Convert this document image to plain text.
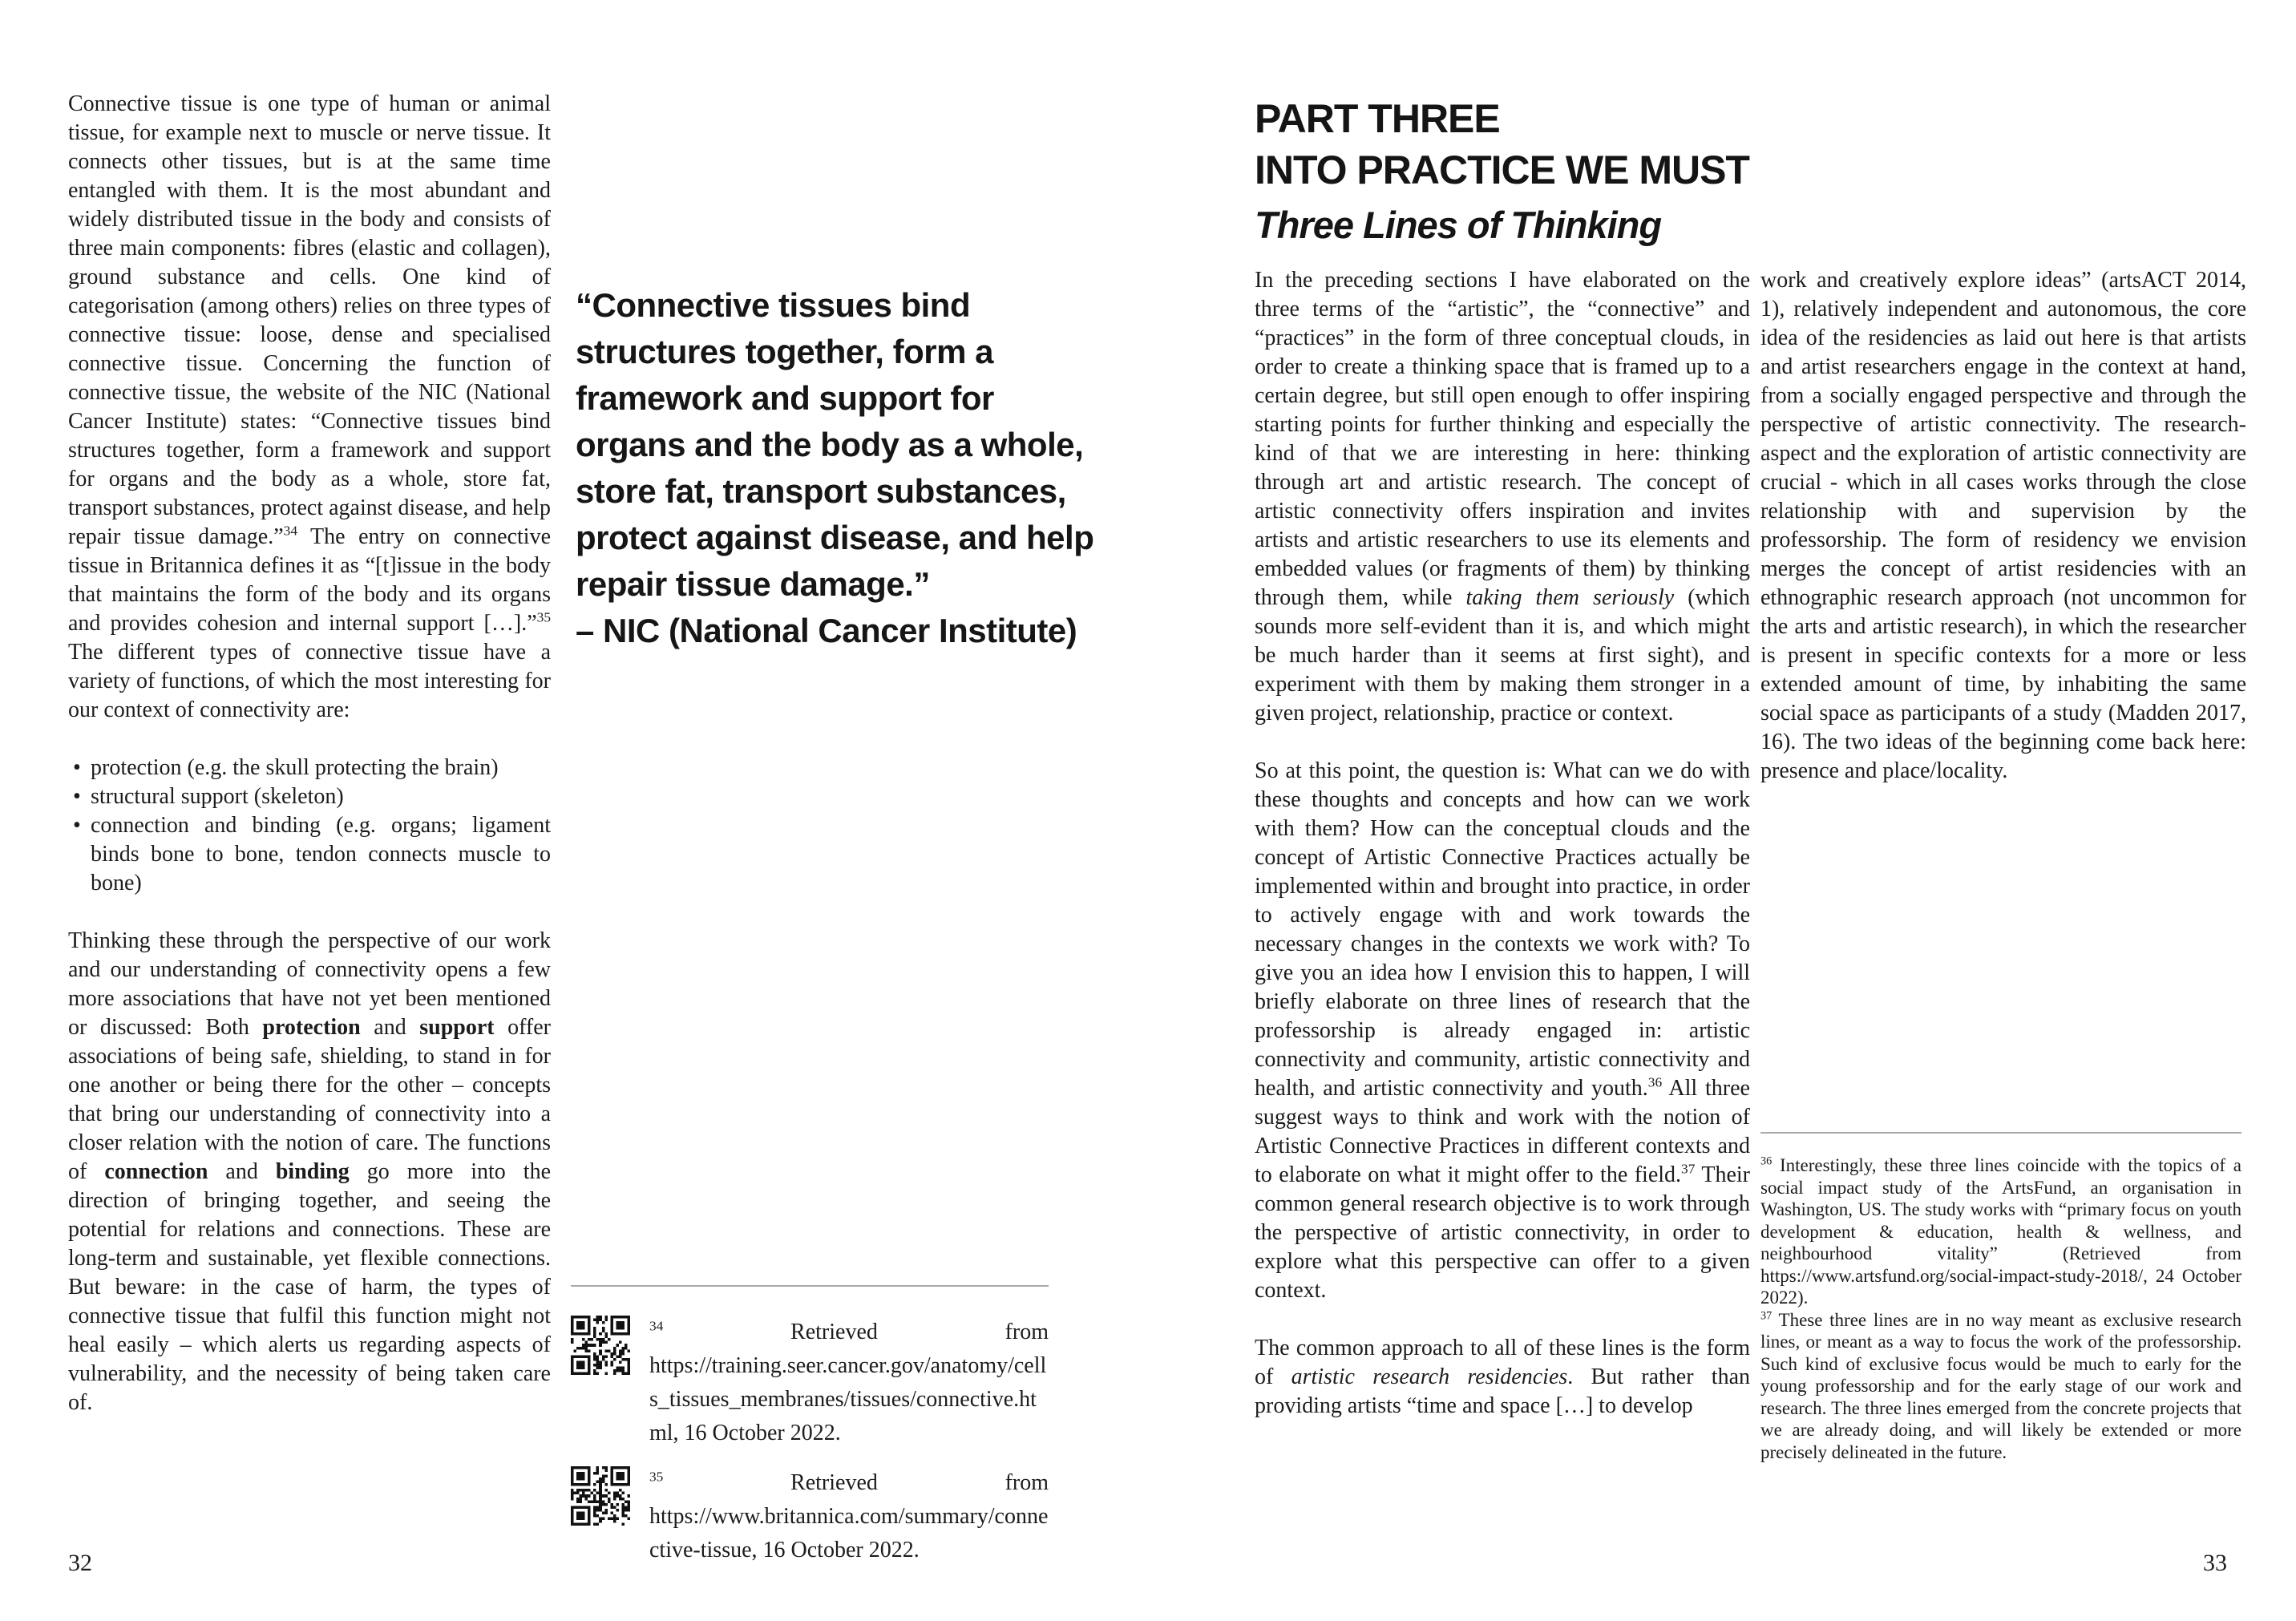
Connective tissue is one type of human or animal tissue, for example next to muscle or nerve tissue. It connects other tissues, but is at the same time entangled with them. It is the most abundant and widely distributed tissue in the body and consists of three main components: fibres (elastic and collagen), ground substance and cells. One kind of categorisation (among others) relies on three types of connective tissue: loose, dense and specialised connective tissue. Concerning the function of connective tissue, the website of the NIC (National Cancer Institute) states: “Connective tissues bind structures together, form a framework and support for organs and the body as a whole, store fat, transport substances, protect against disease, and help repair tissue damage.”$^{34}$ The entry on connective tissue in Britannica defines it as “[t]issue in the body that maintains the form of the body and its organs and provides cohesion and internal support […].”$^{35}$ The different types of connective tissue have a variety of functions, of which the most interesting for our context of connectivity are:

• protection (e.g. the skull protecting the brain)
• structural support (skeleton)
• connection and binding (e.g. organs; ligament binds bone to bone, tendon connects muscle to bone)

Thinking these through the perspective of our work and our understanding of connectivity opens a few more associations that have not yet been mentioned or discussed: Both protection and support offer associations of being safe, shielding, to stand in for one another or being there for the other – concepts that bring our understanding of connectivity into a closer relation with the notion of care. The functions of connection and binding go more into the direction of bringing together, and seeing the potential for relations and connections. These are long-term and sustainable, yet flexible connections. But beware: in the case of harm, the types of connective tissue that fulfil this function might not heal easily – which alerts us regarding aspects of vulnerability, and the necessity of being taken care of.

“Connective tissues bind structures together, form a framework and support for organs and the body as a whole, store fat, transport substances, protect against disease, and help repair tissue damage.”
– NIC (National Cancer Institute)
$^{34}$	Retrieved from https://training.seer.cancer.gov/anatomy/cells_tissues_membranes/tissues/connective.html, 16 October 2022.
$^{35}$	Retrieved from https://www.britannica.com/summary/connective-tissue, 16 October 2022.
32
PART THREE
INTO PRACTICE WE MUST
Three Lines of Thinking

In the preceding sections I have elaborated on the three terms of the “artistic”, the “connective” and “practices” in the form of three conceptual clouds, in order to create a thinking space that is framed up to a certain degree, but still open enough to offer inspiring starting points for further thinking and especially the kind of that we are interesting in here: thinking through art and artistic research. The concept of artistic connectivity offers inspiration and invites artists and artistic researchers to use its elements and embedded values (or fragments of them) by thinking through them, while taking them seriously (which sounds more self-evident than it is, and which might be much harder than it seems at first sight), and experiment with them by making them stronger in a given project, relationship, practice or context.

So at this point, the question is: What can we do with these thoughts and concepts and how can we work with them? How can the conceptual clouds and the concept of Artistic Connective Practices actually be implemented within and brought into practice, in order to actively engage with and work towards the necessary changes in the contexts we work with? To give you an idea how I envision this to happen, I will briefly elaborate on three lines of research that the professorship is already engaged in: artistic connectivity and community, artistic connectivity and health, and artistic connectivity and youth.$^{36}$ All three suggest ways to think and work with the notion of Artistic Connective Practices in different contexts and to elaborate on what it might offer to the field.$^{37}$ Their common general research objective is to work through the perspective of artistic connectivity, in order to explore what this perspective can offer to a given context.

The common approach to all of these lines is the form of artistic research residencies. But rather than providing artists “time and space […] to develop

work and creatively explore ideas” (artsACT 2014, 1), relatively independent and autonomous, the core idea of the residencies as laid out here is that artists and artist researchers engage in the context at hand, from a socially engaged perspective and through the perspective of artistic connectivity. The research-aspect and the exploration of artistic connectivity are crucial - which in all cases works through the close relationship with and supervision by the professorship. The form of residency we envision merges the concept of artist residencies with an ethnographic research approach (not uncommon for the arts and artistic research), in which the researcher is present in specific contexts for a more or less extended amount of time, by inhabiting the same social space as participants of a study (Madden 2017, 16). The two ideas of the beginning come back here: presence and place/locality.

$^{36}$ Interestingly, these three lines coincide with the topics of a social impact study of the ArtsFund, an organisation in Washington, US. The study works with “primary focus on youth development & education, health & wellness, and neighbourhood vitality” (Retrieved from https://www.artsfund.org/social-impact-study-2018/, 24 October 2022).

$^{37}$ These three lines are in no way meant as exclusive research lines, or meant as a way to focus the work of the professorship. Such kind of exclusive focus would be much to early for the young professorship and for the early stage of our work and research. The three lines emerged from the concrete projects that we are already doing, and will likely be extended or more precisely delineated in the future.

33
